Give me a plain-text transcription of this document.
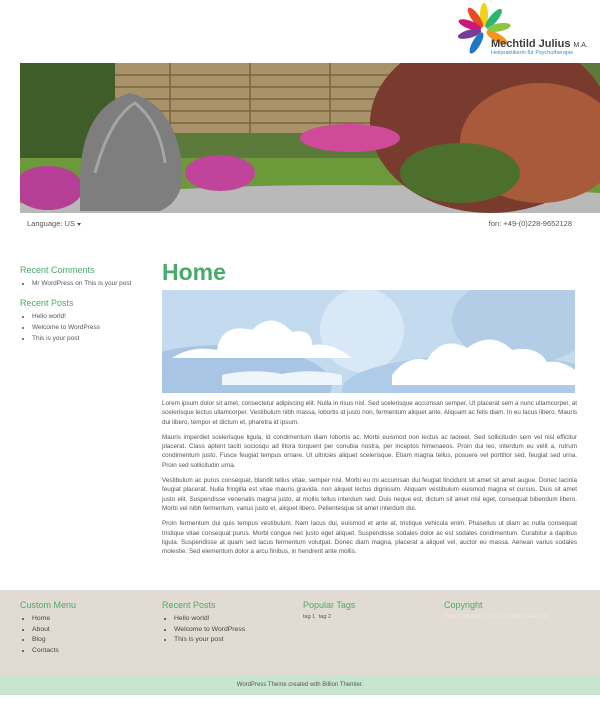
Mechtild Julius M.A.
Heilpraktikerin für Psychotherapie
Language: US	fon: +49-(0)228-9652128
Recent Comments
• Mr WordPress on This is your post
Recent Posts
• Hello world!
• Welcome to WordPress
• This is your post
Home

Lorem ipsum dolor sit amet, consectetur adipiscing elit. Nulla in risus nisl. Sed scelerisque accumsan semper. Ut placerat sem a nunc ullamcorper, at scelerisque lectus ullamcorper. Vestibulum nibh massa, lobortis id justo non, fermentum aliquet ante. Aliquam ac felis diam. In eu lacus libero. Mauris dui libero, tempor et dictum et, pharetra id ipsum.

Mauris imperdiet scelerisque ligula, id condimentum diam lobortis ac. Morbi euismod non lectus ac laoreet. Sed sollicitudin sem vel nisl efficitur placerat. Class aptent taciti sociosqu ad litora torquent per conubia nostra, per inceptos himenaeos. Proin dui leo, interdum eu velit a, rutrum condimentum justo. Fusce feugiat tempus ornare. Ut ultricies aliquet scelerisque. Etiam magna tellus, posuere vel porttitor sed, feugiat sed urna. Proin sed sollicitudin urna.

Vestibulum ac purus consequat, blandit tellus vitae, semper nisl. Morbi eu mi accumsan dui feugiat tincidunt sit amet sit amet augue. Donec lacinia feugiat placerat. Nulla fringilla est vitae mauris gravida, non aliquet lectus dignissim. Aliquam vestibulum euismod magna et cursus. Duis sit amet justo elit. Suspendisse venenatis magna justo, at mollis tellus interdum sed. Duis neque est, dictum sit amet nisl eget, consequat bibendum libero. Morbi vel nibh fermentum, varius justo et, aliquet libero. Pellentesque sit amet interdum dui.

Proin fermentum dui quis tempus vestibulum. Nam lacus dui, euismod et ante at, tristique vehicula enim. Phasellus ut diam ac nulla consequat tristique vitae consequat purus. Morbi congue nec justo eget aliquet. Suspendisse sodales dolor ac est sodales condimentum. Curabitur a dapibus ligula. Suspendisse at quam sed lacus fermentum volutpat. Donec diam magna, placerat a aliquet vel, auctor eu massa. Aenean varius sodales molestie. Sed elementum dolor a arcu finibus, in hendrerit ante mollis.

Custom Menu
• Home
• About
• Blog
• Contacts
Recent Posts
• Hello world!
• Welcome to WordPress
• This is your post
Popular Tags
tag 1 tag 2
Copyright
Your Company 2015 All rights reserved
WordPress Theme created with Billion Themler.
